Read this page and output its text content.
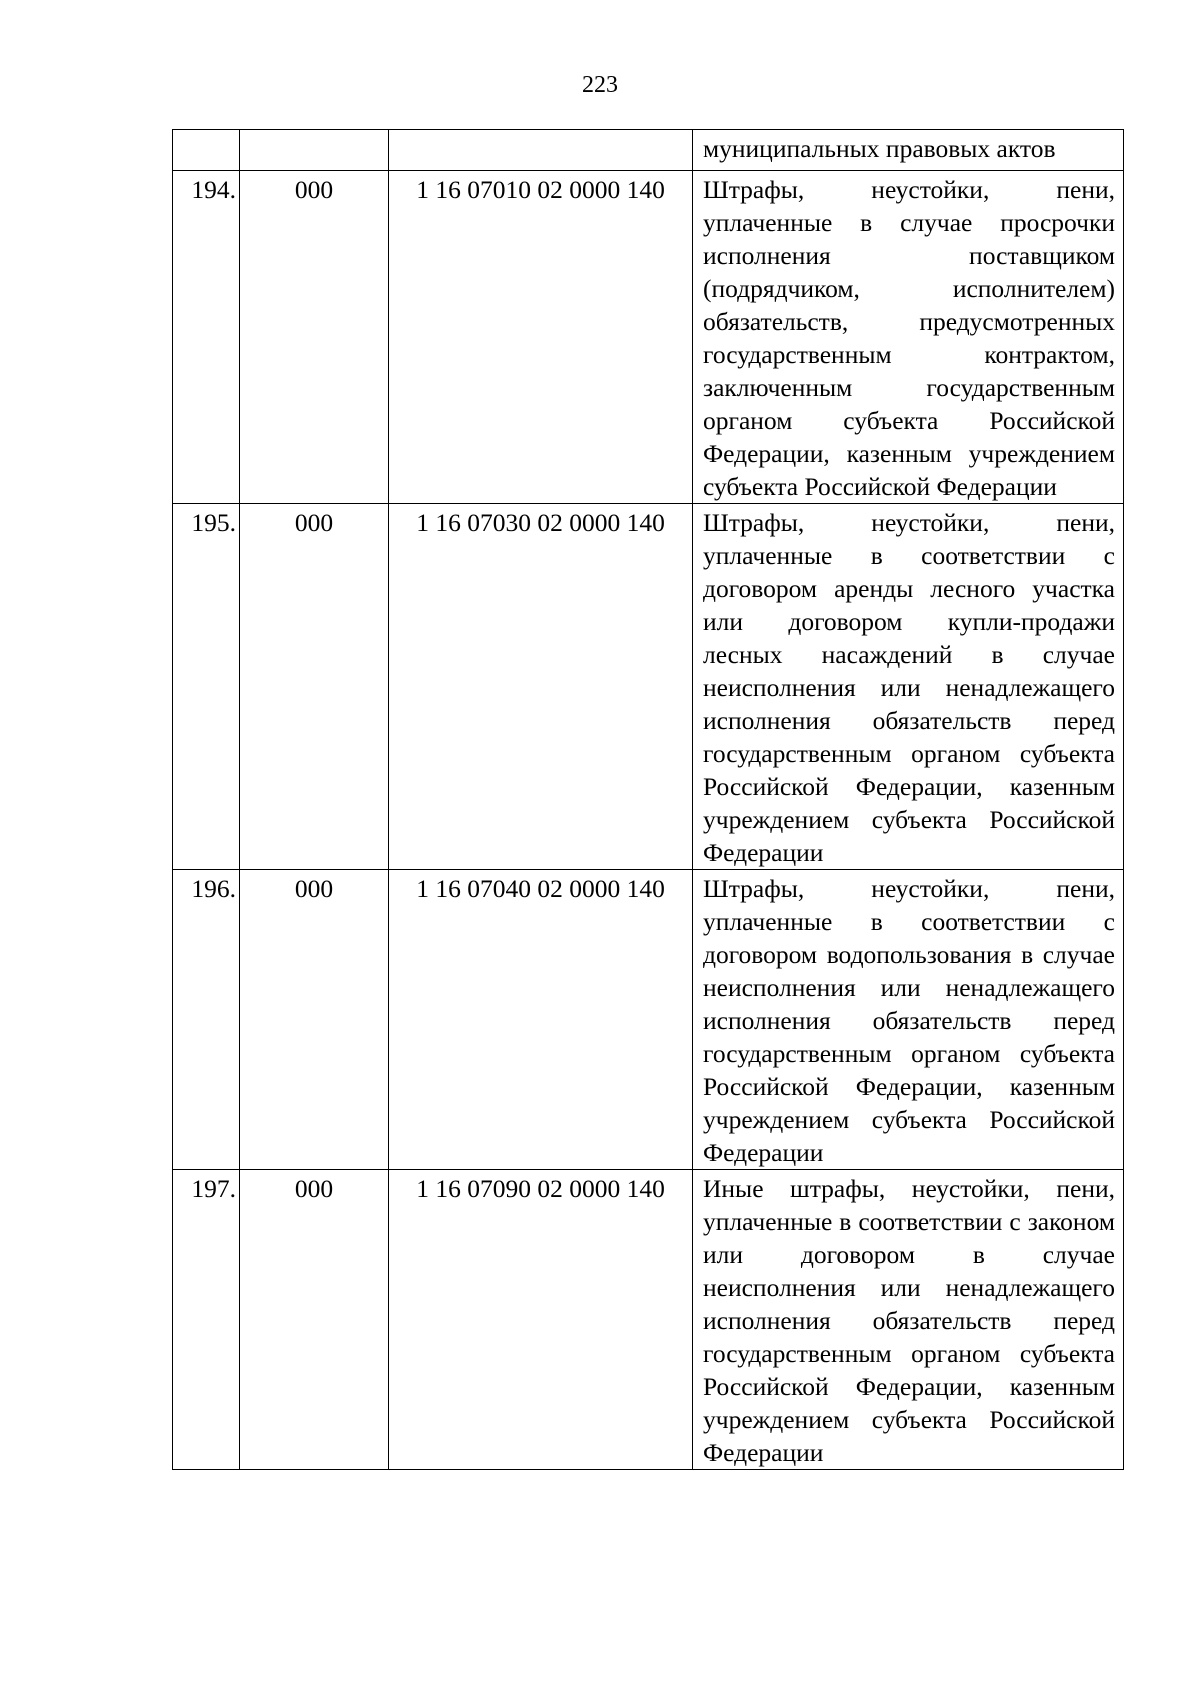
223
			муниципальных правовых актов
194.	000	1 16 07010 02 0000 140	Штрафы, неустойки, пени, уплаченные в случае просрочки исполнения поставщиком (подрядчиком, исполнителем) обязательств, предусмотренных государственным контрактом, заключенным государственным органом субъекта Российской Федерации, казенным учреждением субъекта Российской Федерации

195.	000	1 16 07030 02 0000 140	Штрафы, неустойки, пени, уплаченные в соответствии с договором аренды лесного участка или договором купли-продажи лесных насаждений в случае неисполнения или ненадлежащего исполнения обязательств перед государственным органом субъекта Российской Федерации, казенным учреждением субъекта Российской Федерации

196.	000	1 16 07040 02 0000 140	Штрафы, неустойки, пени, уплаченные в соответствии с договором водопользования в случае неисполнения или ненадлежащего исполнения обязательств перед государственным органом субъекта Российской Федерации, казенным учреждением субъекта Российской Федерации

197.	000	1 16 07090 02 0000 140	Иные штрафы, неустойки, пени, уплаченные в соответствии с законом или договором в случае неисполнения или ненадлежащего исполнения обязательств перед государственным органом субъекта Российской Федерации, казенным учреждением субъекта Российской Федерации
